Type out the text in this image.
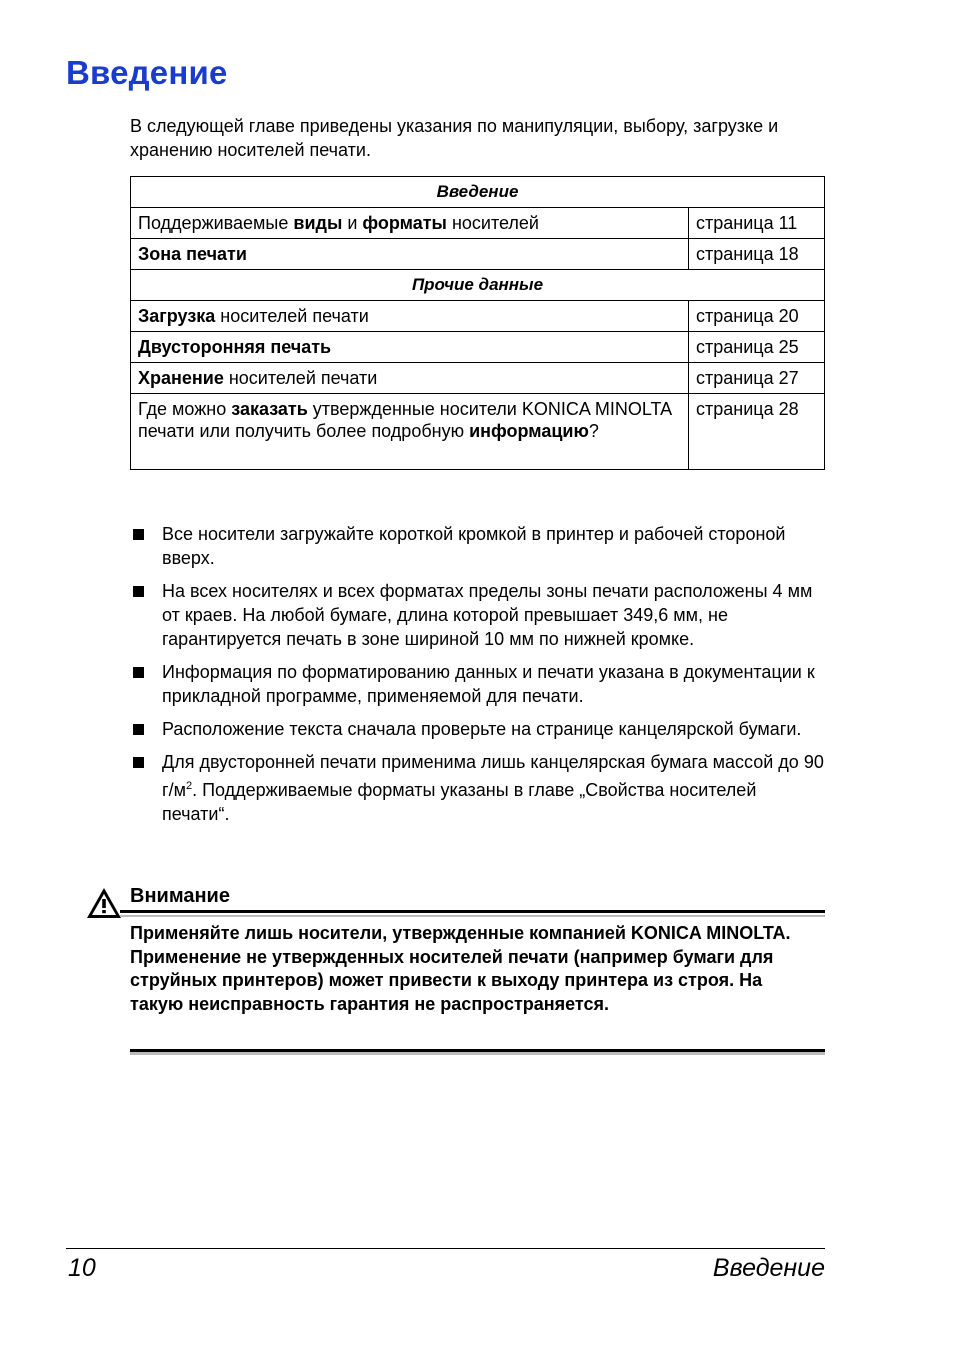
Введение

В следующей главе приведены указания по манипуляции, выбору, загрузке и хранению носителей печати.

Введение	
Поддерживаемые виды и форматы носителей	страница 11
Зона печати	страница 18
Прочие данные	
Загрузка носителей печати	страница 20
Двусторонняя печать	страница 25
Хранение носителей печати	страница 27
Где можно заказать утвержденные носители KONICA MINOLTA печати или получить более подробную информацию?	страница 28
Все носители загружайте короткой кромкой в принтер и рабочей стороной вверх.
На всех носителях и всех форматах пределы зоны печати расположены 4 мм от краев. На любой бумаге, длина которой превышает 349,6 мм, не гарантируется печать в зоне шириной 10 мм по нижней кромке.
Информация по форматированию данных и печати указана в документации к прикладной программе, применяемой для печати.
Расположение текста сначала проверьте на странице канцелярской бумаги.
Для двусторонней печати применима лишь канцелярская бумага массой до 90 $г/м^2$. Поддерживаемые форматы указаны в главе „Свойства носителей печати“.
Внимание

Применяйте лишь носители, утвержденные компанией KONICA MINOLTA. Применение не утвержденных носителей печати (например бумаги для струйных принтеров) может привести к выходу принтера из строя. На такую неисправность гарантия не распространяется.

10	Введение
